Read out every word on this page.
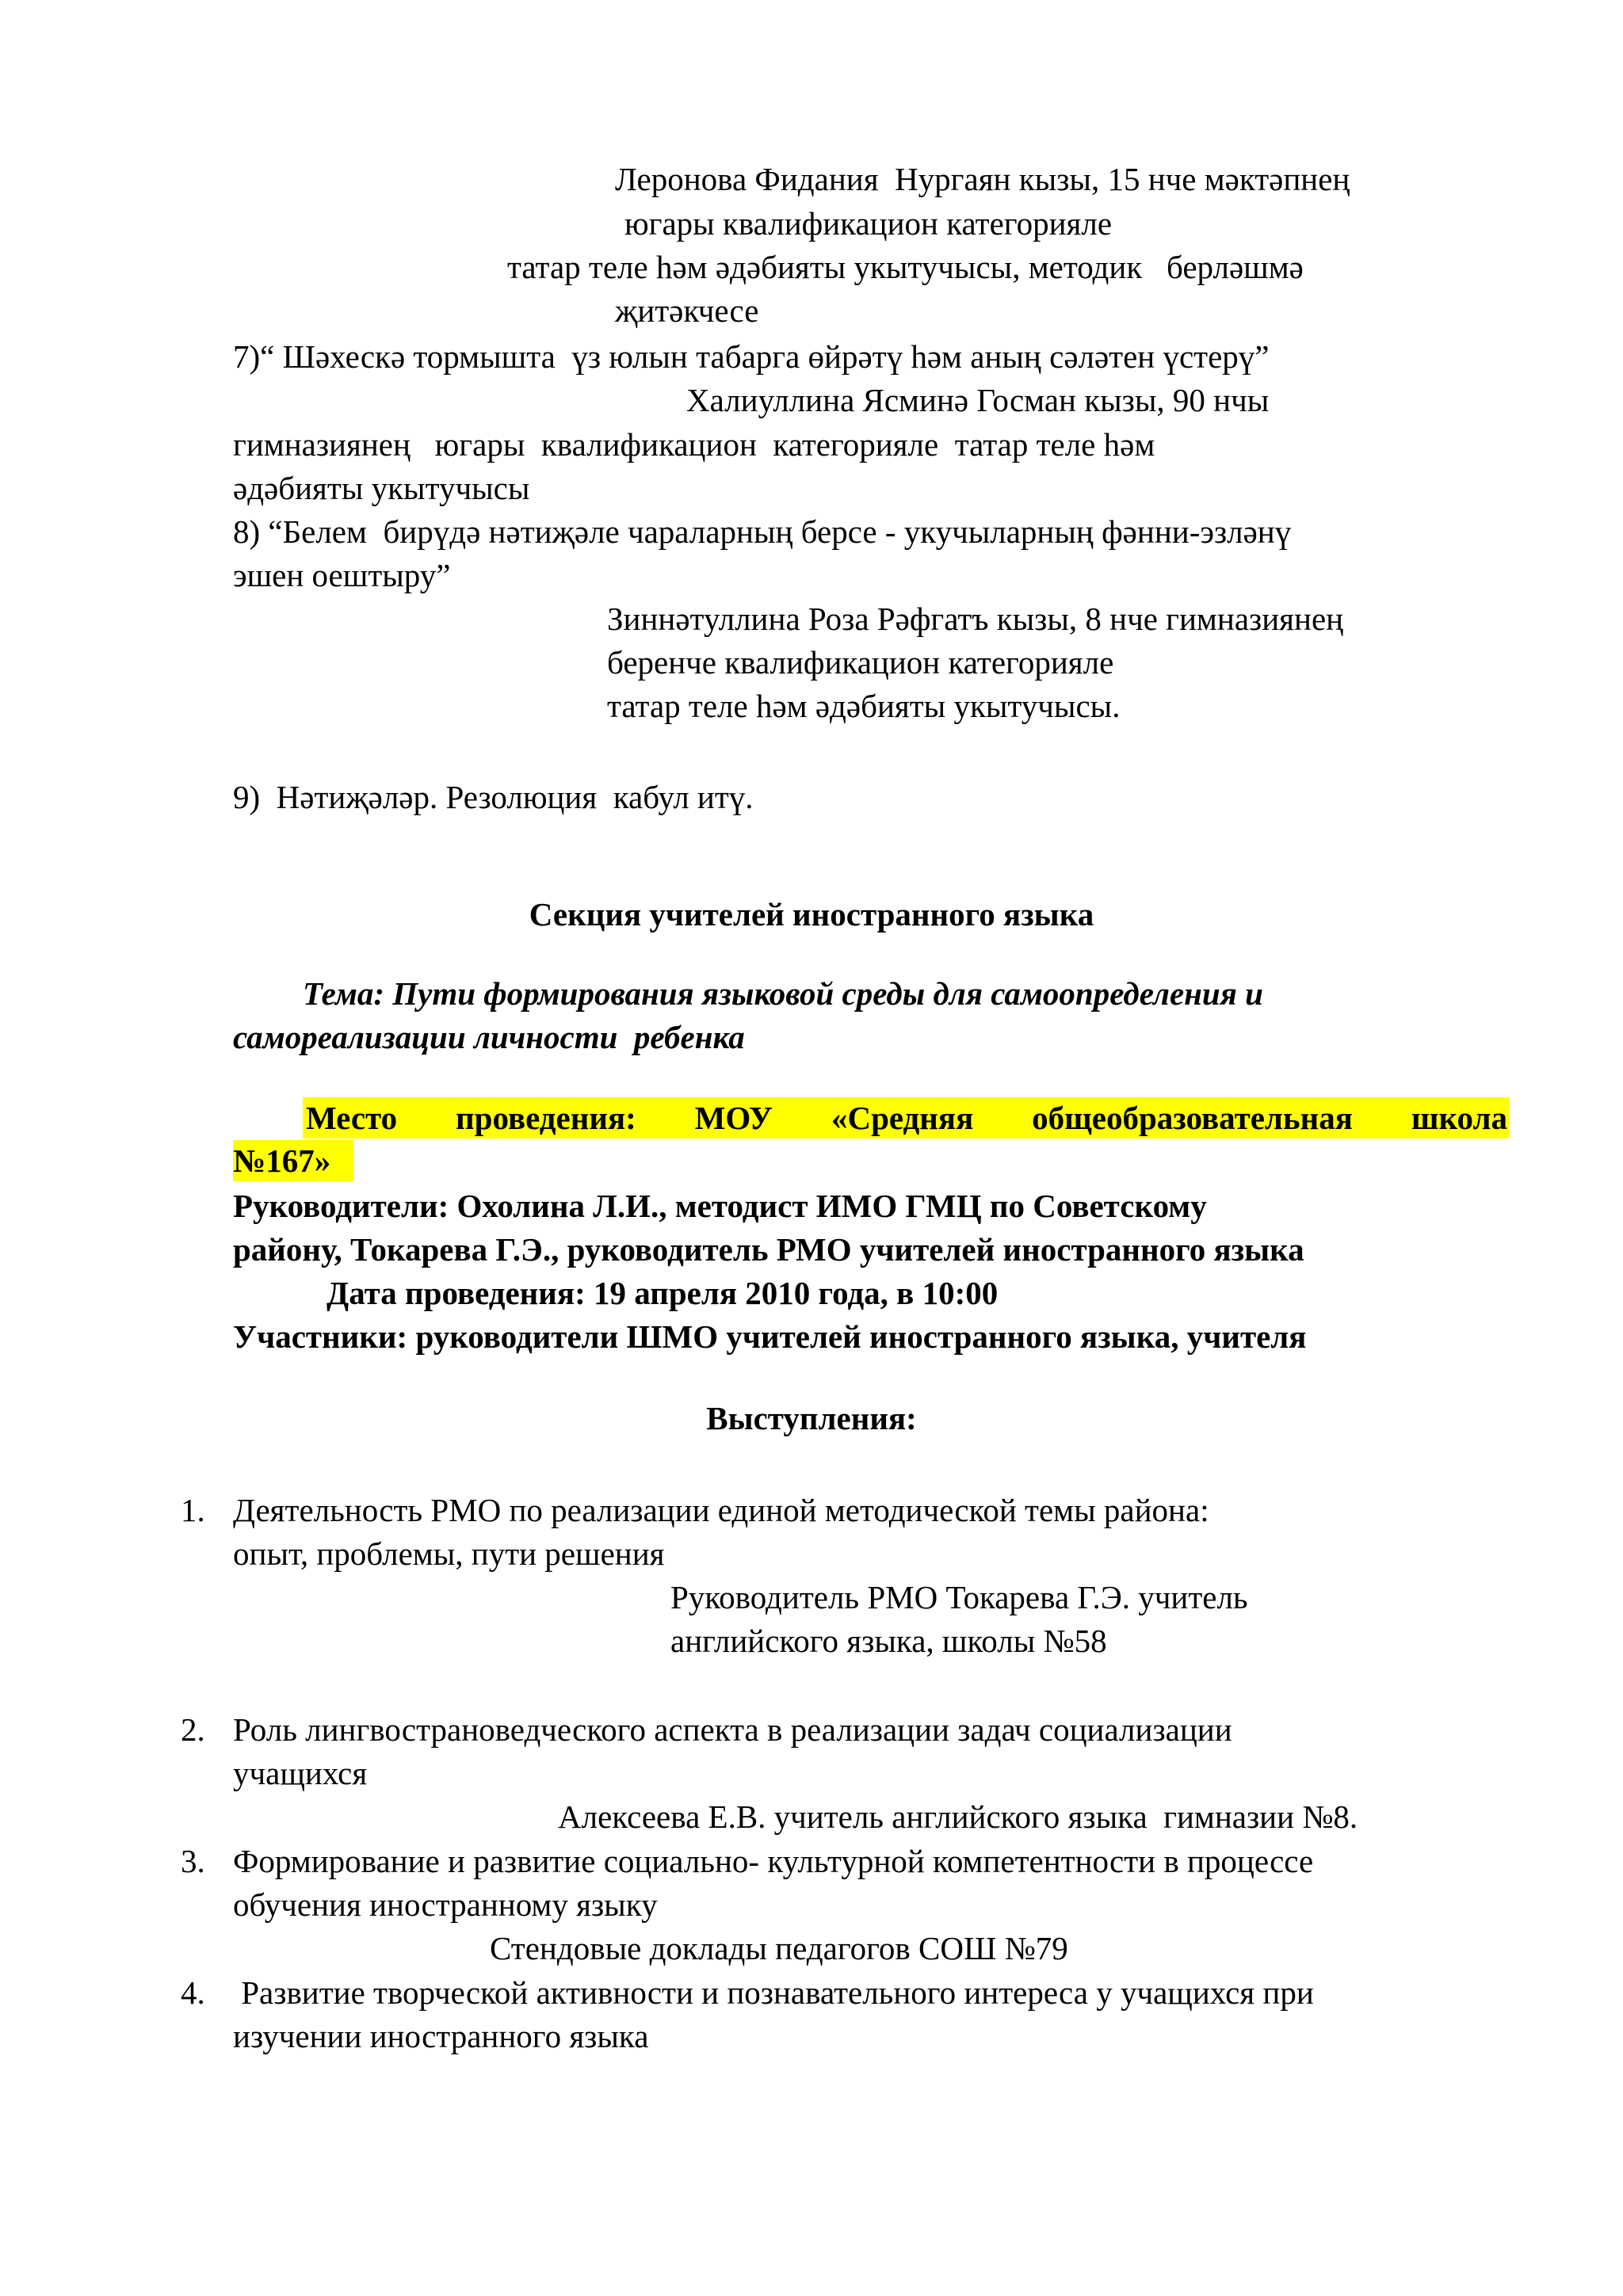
Леронова Фидания  Нургаян кызы, 15 нче мәктәпнең
югары квалификацион категорияле
татар теле һәм әдәбияты укытучысы, методик   берләшмә
җитәкчесе
7)“ Шәхескә тормышта  үз юлын табарга өйрәтү һәм аның сәләтен үстерү”
Халиуллина Ясминә Госман кызы, 90 нчы
гимназиянең   югары  квалификацион  категорияле  татар теле һәм
әдәбияты укытучысы
8) “Белем  бирүдә нәтиҗәле чараларның берсе - укучыларның фәнни-эзләнү
эшен оештыру”
Зиннәтуллина Роза Рәфгатъ кызы, 8 нче гимназиянең
беренче квалификацион категорияле
татар теле һәм әдәбияты укытучысы.
9)  Нәтиҗәләр. Резолюция  кабул итү.
Секция учителей иностранного языка
Тема: Пути формирования языковой среды для самоопределения и
самореализации личности  ребенка
Место проведения: МОУ «Средняя общеобразовательная школа
№167»
Руководители: Охолина Л.И., методист ИМО ГМЦ по Советскому
району, Токарева Г.Э., руководитель РМО учителей иностранного языка
Дата проведения: 19 апреля 2010 года, в 10:00
Участники: руководители ШМО учителей иностранного языка, учителя
Выступления:
1. Деятельность РМО по реализации единой методической темы района:
опыт, проблемы, пути решения
Руководитель РМО Токарева Г.Э. учитель
английского языка, школы №58
2. Роль лингвострановедческого аспекта в реализации задач социализации
учащихся
Алексеева Е.В. учитель английского языка  гимназии №8.
3. Формирование и развитие социально- культурной компетентности в процессе
обучения иностранному языку
Стендовые доклады педагогов СОШ №79
4. Развитие творческой активности и познавательного интереса у учащихся при
изучении иностранного языка
